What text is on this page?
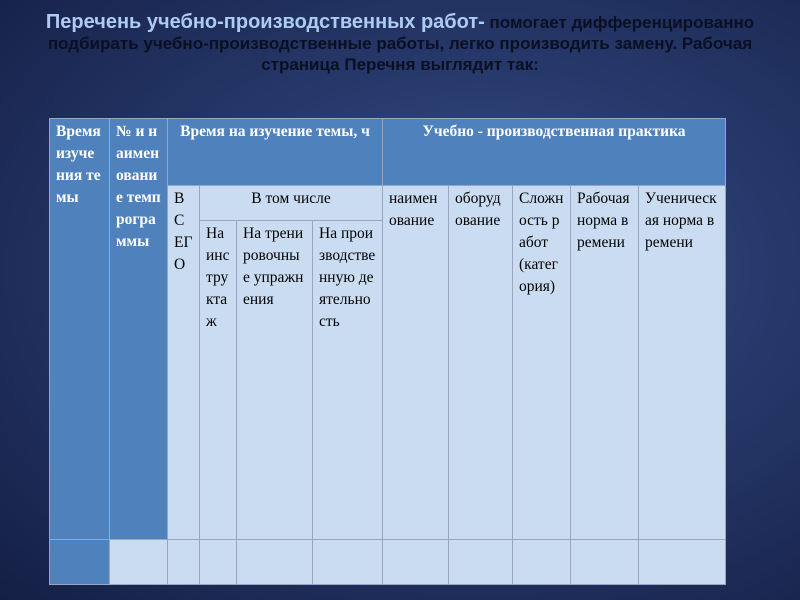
Перечень учебно-производственных работ- помогает дифференцированно подбирать учебно-производственные работы, легко производить замену. Рабочая страница Перечня выглядит так:
Время изучения темы	№ и наименование темпрограммы	Время на изучение темы, ч				Учебно - производственная практика				
		ВСЕГО	В том числе			наименование	оборудование	Сложность работ (категория)	Рабочая норма времени	Ученическая норма времени
			Наинструктаж	На тренировочные упражнения	На производственную деятельность					
